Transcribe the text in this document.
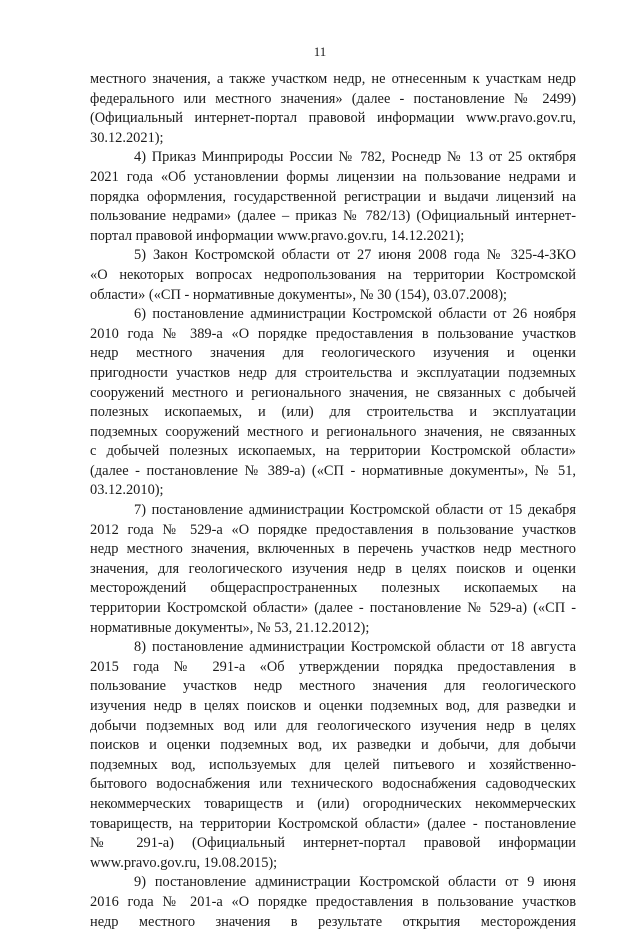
11
местного значения, а также участком недр, не отнесенным к участкам недр
федерального или местного значения» (далее - постановление № 2499)
(Официальный интернет-портал правовой информации www.pravo.gov.ru,
30.12.2021);
4) Приказ Минприроды России № 782, Роснедр № 13 от 25 октября
2021 года «Об установлении формы лицензии на пользование недрами и
порядка оформления, государственной регистрации и выдачи лицензий на
пользование недрами» (далее – приказ № 782/13) (Официальный интернет-
портал правовой информации www.pravo.gov.ru, 14.12.2021);
5) Закон Костромской области от 27 июня 2008 года № 325-4-ЗКО
«О некоторых вопросах недропользования на территории Костромской
области» («СП - нормативные документы», № 30 (154), 03.07.2008);
6) постановление администрации Костромской области от 26 ноября
2010 года № 389-а «О порядке предоставления в пользование участков
недр местного значения для геологического изучения и оценки
пригодности участков недр для строительства и эксплуатации подземных
сооружений местного и регионального значения, не связанных с добычей
полезных ископаемых, и (или) для строительства и эксплуатации
подземных сооружений местного и регионального значения, не связанных
с добычей полезных ископаемых, на территории Костромской области»
(далее - постановление № 389-а) («СП - нормативные документы», № 51,
03.12.2010);
7) постановление администрации Костромской области от 15 декабря
2012 года № 529-а «О порядке предоставления в пользование участков
недр местного значения, включенных в перечень участков недр местного
значения, для геологического изучения недр в целях поисков и оценки
месторождений общераспространенных полезных ископаемых на
территории Костромской области» (далее - постановление № 529-а) («СП -
нормативные документы», № 53, 21.12.2012);
8) постановление администрации Костромской области от 18 августа
2015 года № 291-а «Об утверждении порядка предоставления в
пользование участков недр местного значения для геологического
изучения недр в целях поисков и оценки подземных вод, для разведки и
добычи подземных вод или для геологического изучения недр в целях
поисков и оценки подземных вод, их разведки и добычи, для добычи
подземных вод, используемых для целей питьевого и хозяйственно-
бытового водоснабжения или технического водоснабжения садоводческих
некоммерческих товариществ и (или) огороднических некоммерческих
товариществ, на территории Костромской области» (далее - постановление
№ 291-а) (Официальный интернет-портал правовой информации
www.pravo.gov.ru, 19.08.2015);
9) постановление администрации Костромской области от 9 июня
2016 года № 201-а «О порядке предоставления в пользование участков
недр местного значения в результате открытия месторождения
